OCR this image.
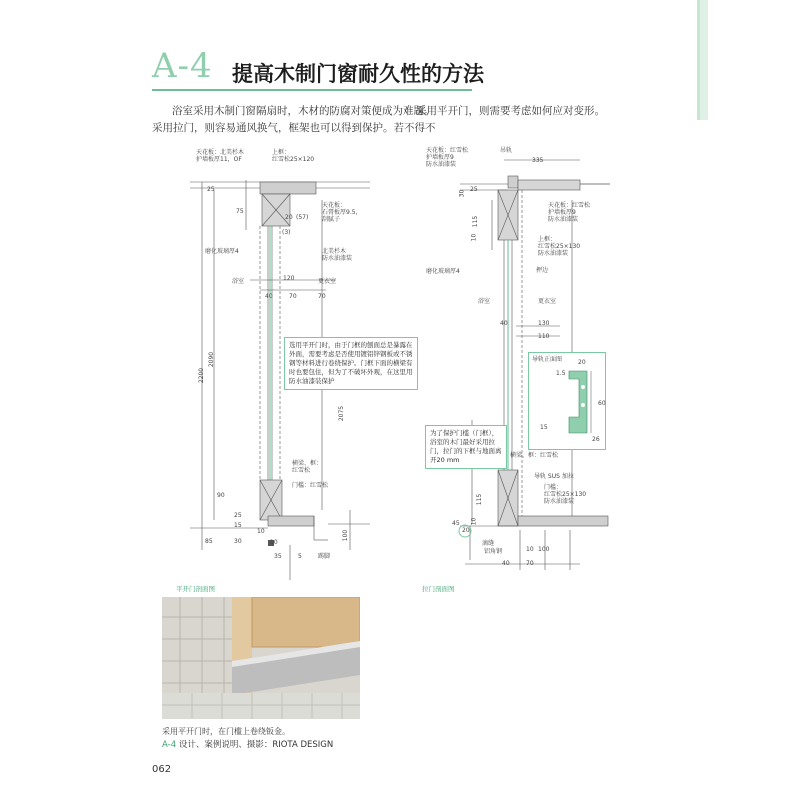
A-4 提高木制门窗耐久性的方法
浴室采用木制门窗隔扇时，木材的防腐对策便成为难题。
采用拉门，则容易通风换气，框架也可以得到保护。若不得不
采用平开门，则需要考虑如何应对变形。
天花板：北美杉木
护墙板厚11，OF
上框：
红雪松25×120
天花板：
石膏板厚9.5，
刮腻子
磨化玻璃厚4	北美杉木
防水油漆装
浴室	更衣室
横梁、框：
红雪松
门槛：红雪松
踢脚
25
20 (57)
75
(3)
120
40	70	70
2200
2090
2075
90
25
15
10
10
30
85
100
35	5
选用平开门时，由于门框的刨面总是暴露在外面，需要考虑是否使用镀铝锌钢板或不锈钢等材料进行卷绕保护。门框下面的横梁有时也要包住，但为了不破坏外观，在这里用防水油漆装保护
平开门剖面图
导轨正面图	20
1.5
60
15
26
天花板：红雪松
护墙板厚9
防水油漆装
吊轨
天花板：红雪松
护墙板厚9
防水油漆装
上框：
红雪松25×130
防水油漆装
磨化玻璃厚4	押边
浴室	更衣室
横梁、框：红雪松
导轨 SUS 加拉
门槛：
红雪松25×130
防水油漆装
滴缝
铝角钢
335
30
25
115
10
40	130
110
115
10
45
20
40
100
10
70
为了保护门槛（门框），浴室的木门最好采用拉门，拉门的下框与地面离开20 mm
拉门剖面图
采用平开门时，在门槛上卷绕钣金。
A-4 设计、案例说明、摄影：RIOTA DESIGN
062
